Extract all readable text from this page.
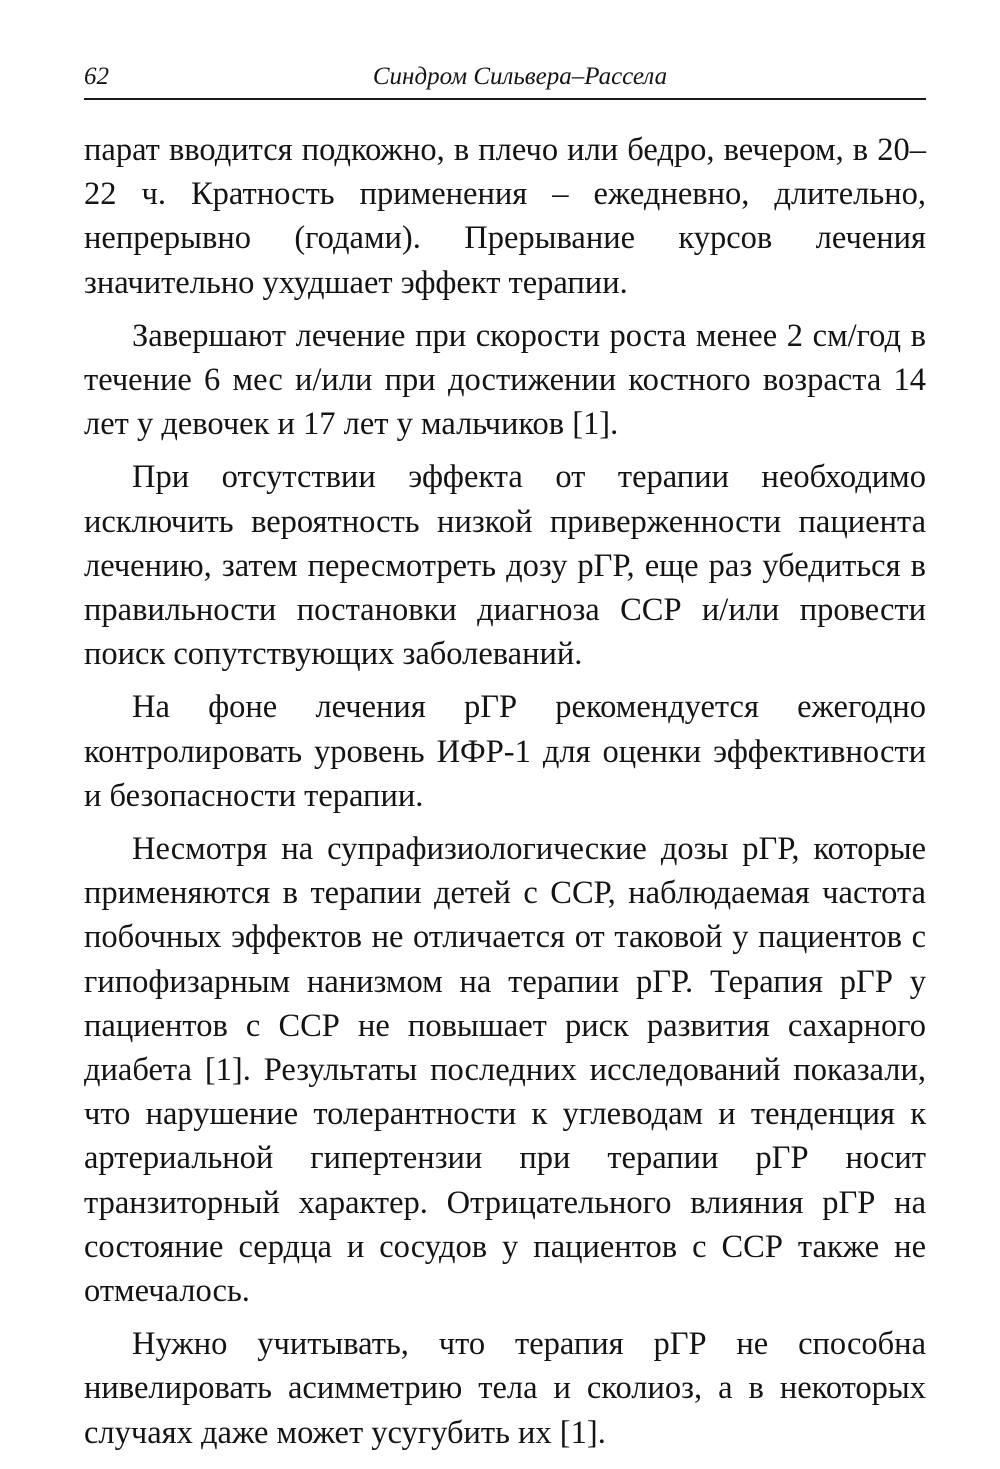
62	Синдром Сильвера–Рассела

парат вводится подкожно, в плечо или бедро, вечером, в 20–22 ч. Кратность применения – ежедневно, длительно, непрерывно (годами). Прерывание курсов лечения значительно ухудшает эффект терапии.

Завершают лечение при скорости роста менее 2 см/год в течение 6 мес и/или при достижении костного возраста 14 лет у девочек и 17 лет у мальчиков [1].

При отсутствии эффекта от терапии необходимо исключить вероятность низкой приверженности пациента лечению, затем пересмотреть дозу рГР, еще раз убедиться в правильности постановки диагноза ССР и/или провести поиск сопутствующих заболеваний.

На фоне лечения рГР рекомендуется ежегодно контролировать уровень ИФР-1 для оценки эффективности и безопасности терапии.

Несмотря на супрафизиологические дозы рГР, которые применяются в терапии детей с ССР, наблюдаемая частота побочных эффектов не отличается от таковой у пациентов с гипофизарным нанизмом на терапии рГР. Терапия рГР у пациентов с ССР не повышает риск развития сахарного диабета [1]. Результаты последних исследований показали, что нарушение толерантности к углеводам и тенденция к артериальной гипертензии при терапии рГР носит транзиторный характер. Отрицательного влияния рГР на состояние сердца и сосудов у пациентов с ССР также не отмечалось.

Нужно учитывать, что терапия рГР не способна нивелировать асимметрию тела и сколиоз, а в некоторых случаях даже может усугубить их [1].
